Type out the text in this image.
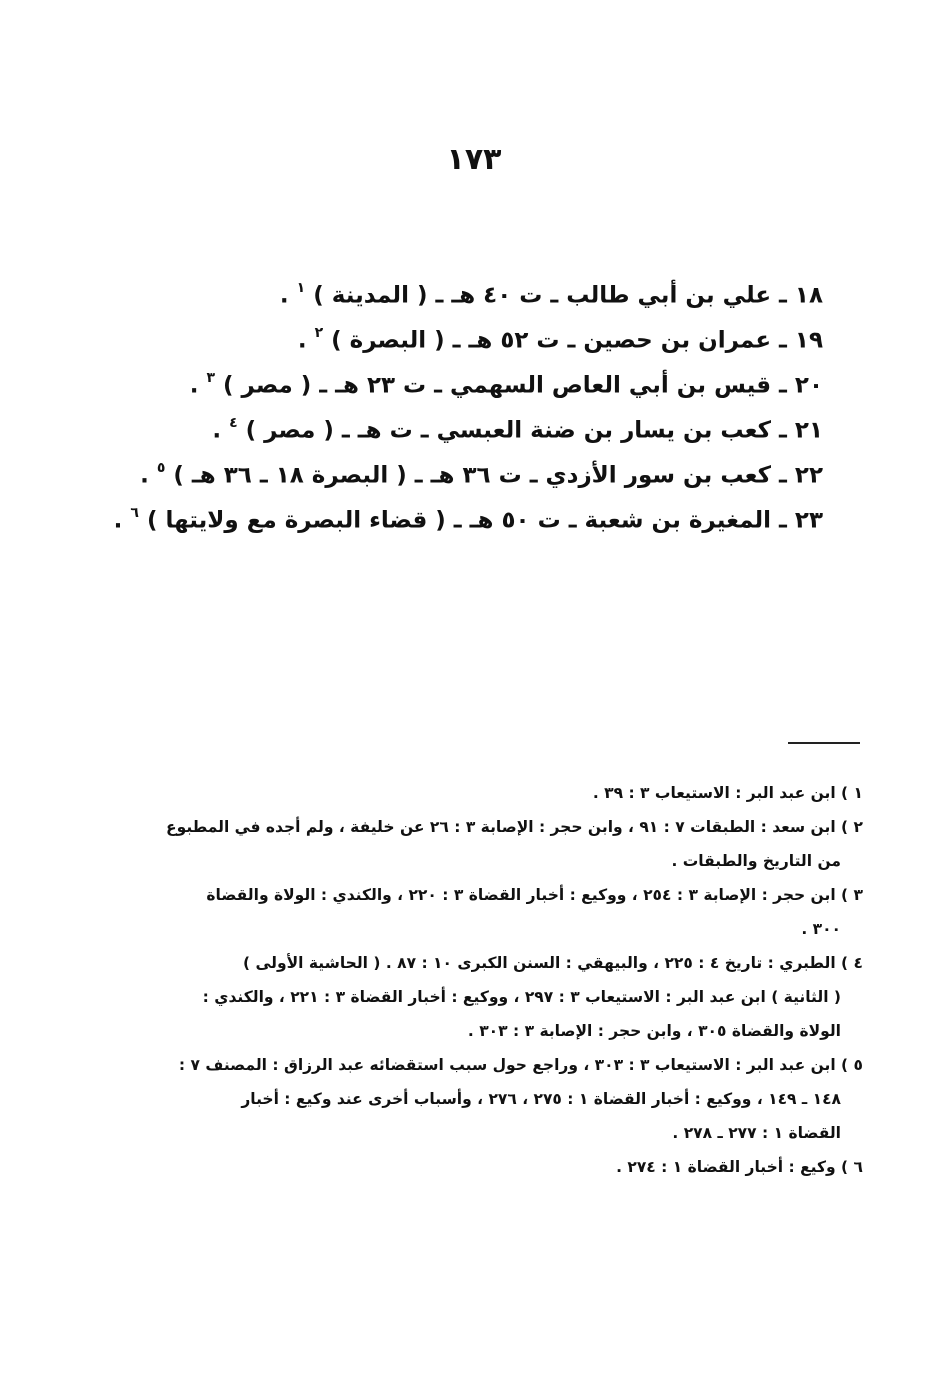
١٧٣
١٨ ـ علي بن أبي طالب ـ ت ٤٠ هـ ـ ( المدينة ) $^١$ .
١٩ ـ عمران بن حصين ـ ت ٥٢ هـ ـ ( البصرة ) $^٢$ .
٢٠ ـ قيس بن أبي العاص السهمي ـ ت ٢٣ هـ ـ ( مصر ) $^٣$ .
٢١ ـ كعب بن يسار بن ضنة العبسي ـ ت هـ ـ ( مصر ) $^٤$ .
٢٢ ـ كعب بن سور الأزدي ـ ت ٣٦ هـ ـ ( البصرة ١٨ ـ ٣٦ هـ ) $^٥$ .
٢٣ ـ المغيرة بن شعبة ـ ت ٥٠ هـ ـ ( قضاء البصرة مع ولايتها ) $^٦$ .
١ ) ابن عبد البر : الاستيعاب ٣ : ٣٩ .
٢ ) ابن سعد : الطبقات ٧ : ٩١ ، وابن حجر : الإصابة ٣ : ٢٦ عن خليفة ، ولم أجده في المطبوع
من التاريخ والطبقات .
٣ ) ابن حجر : الإصابة ٣ : ٢٥٤ ، ووكيع : أخبار القضاة ٣ : ٢٢٠ ، والكندي : الولاة والقضاة
٣٠٠ .
٤ ) الطبري : تاريخ ٤ : ٢٢٥ ، والبيهقي : السنن الكبرى ١٠ : ٨٧ . ( الحاشية الأولى )
( الثانية ) ابن عبد البر : الاستيعاب ٣ : ٢٩٧ ، ووكيع : أخبار القضاة ٣ : ٢٢١ ، والكندي :
الولاة والقضاة ٣٠٥ ، وابن حجر : الإصابة ٣ : ٣٠٣ .
٥ ) ابن عبد البر : الاستيعاب ٣ : ٣٠٣ ، وراجع حول سبب استقضائه عبد الرزاق : المصنف ٧ :
١٤٨ ـ ١٤٩ ، ووكيع : أخبار القضاة ١ : ٢٧٥ ، ٢٧٦ ، وأسباب أخرى عند وكيع : أخبار
القضاة ١ : ٢٧٧ ـ ٢٧٨ .
٦ ) وكيع : أخبار القضاة ١ : ٢٧٤ .
